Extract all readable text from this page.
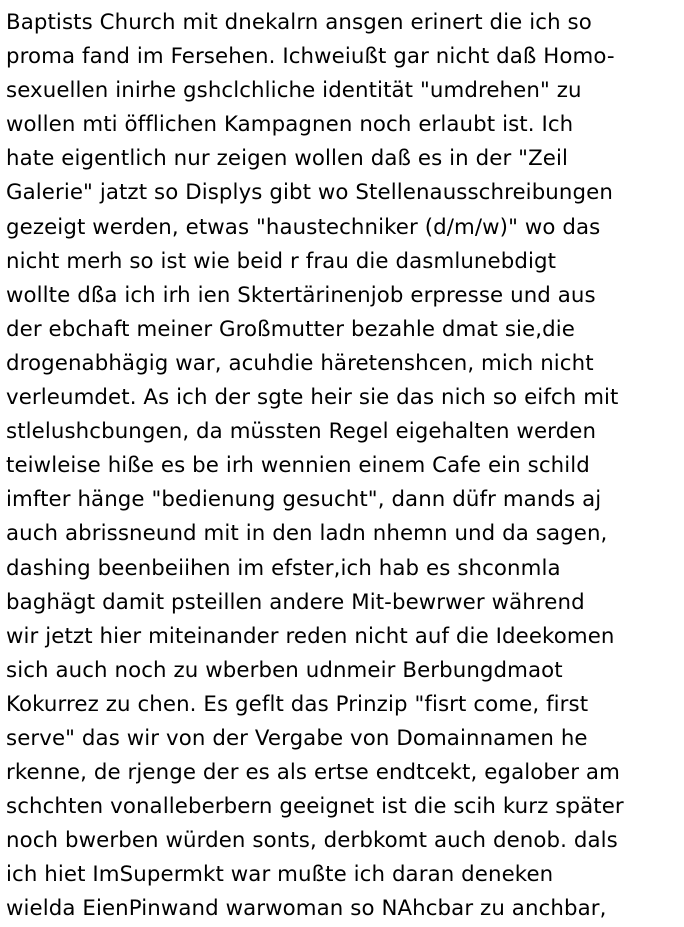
Baptists Church mit dnekalrn ansgen erinert die ich so
proma fand im Fersehen. Ichweiußt gar nicht daß Homo-
sexuellen inirhe gshclchliche identität "umdrehen" zu
wollen mti öfflichen Kampagnen noch erlaubt ist. Ich
hate eigentlich nur zeigen wollen daß es in der "Zeil
Galerie" jatzt so Displys gibt wo Stellenausschreibungen
gezeigt werden, etwas "haustechniker (d/m/w)" wo das
nicht merh so ist wie beid r frau die dasmlunebdigt
wollte dßa ich irh ien Sktertärinenjob erpresse und aus
der ebchaft meiner Großmutter bezahle dmat sie,die
drogenabhägig war, acuhdie häretenshcen, mich nicht
verleumdet. As ich der sgte heir sie das nich so eifch mit
stlelushcbungen, da müssten Regel eigehalten werden
teiwleise hiße es be irh wennien einem Cafe ein schild
imfter hänge "bedienung gesucht", dann düfr mands aj
auch abrissneund mit in den ladn nhemn und da sagen,
dashing beenbeiihen im efster,ich hab es shconmla
baghägt damit psteillen andere Mit-bewrwer während
wir jetzt hier miteinander reden nicht auf die Ideekomen
sich auch noch zu wberben udnmeir Berbungdmaot
Kokurrez zu chen. Es geflt das Prinzip "fisrt come, first
serve" das wir von der Vergabe von Domainnamen he
rkenne, de rjenge der es als ertse endtcekt, egalober am
schchten vonalleberbern geeignet ist die scih kurz später
noch bwerben würden sonts, derbkomt auch denob. dals
ich hiet ImSupermkt war mußte ich daran deneken
wielda EienPinwand warwoman so NAhcbar zu anchbar,
